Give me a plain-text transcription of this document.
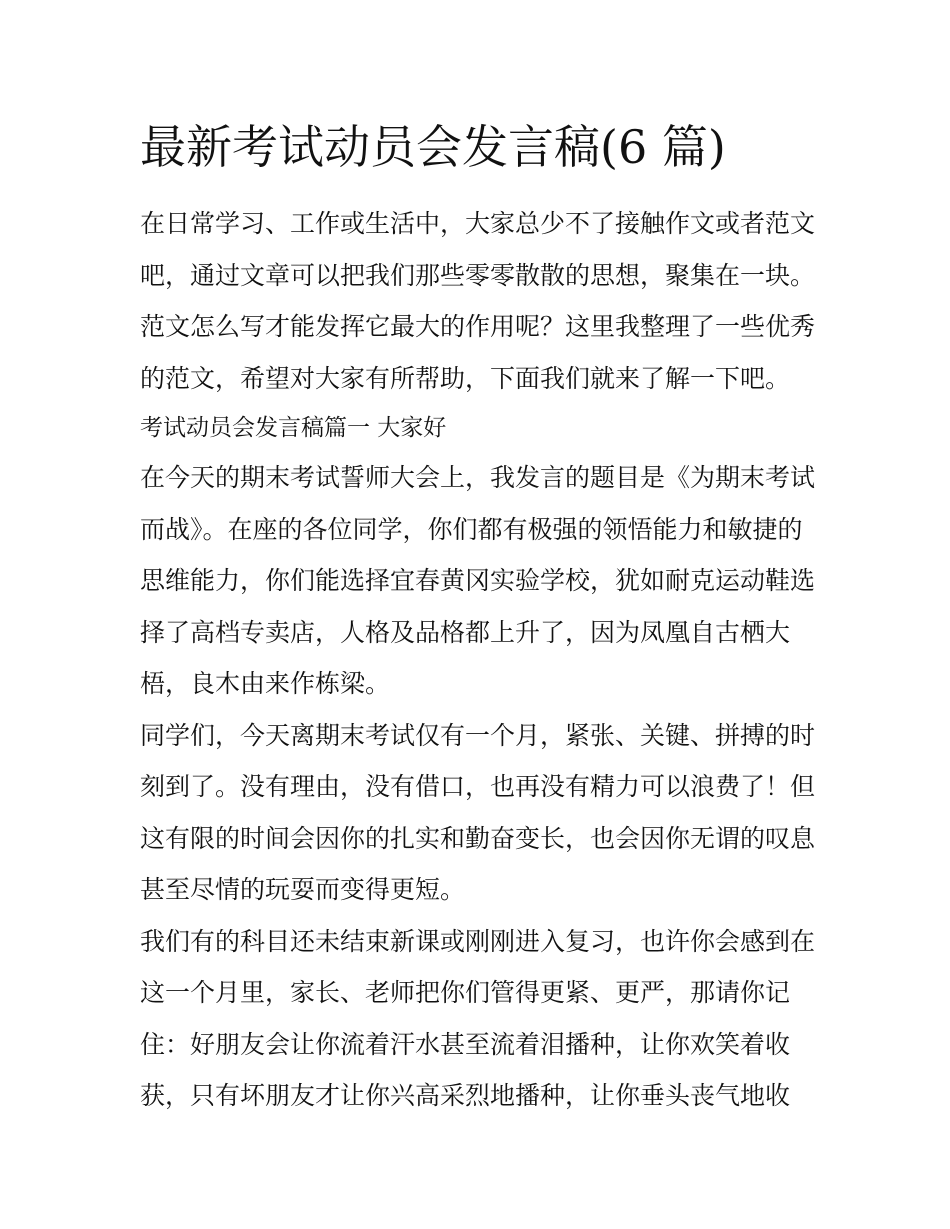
最新考试动员会发言稿(6 篇)
在日常学习、工作或生活中，大家总少不了接触作文或者范文
吧，通过文章可以把我们那些零零散散的思想，聚集在一块。
范文怎么写才能发挥它最大的作用呢？这里我整理了一些优秀
的范文，希望对大家有所帮助，下面我们就来了解一下吧。
考试动员会发言稿篇一 大家好
在今天的期末考试誓师大会上，我发言的题目是《为期末考试
而战》。在座的各位同学，你们都有极强的领悟能力和敏捷的
思维能力，你们能选择宜春黄冈实验学校，犹如耐克运动鞋选
择了高档专卖店，人格及品格都上升了，因为凤凰自古栖大
梧，良木由来作栋梁。
同学们，今天离期末考试仅有一个月，紧张、关键、拼搏的时
刻到了。没有理由，没有借口，也再没有精力可以浪费了！但
这有限的时间会因你的扎实和勤奋变长，也会因你无谓的叹息
甚至尽情的玩耍而变得更短。
我们有的科目还未结束新课或刚刚进入复习，也许你会感到在
这一个月里，家长、老师把你们管得更紧、更严，那请你记
住：好朋友会让你流着汗水甚至流着泪播种，让你欢笑着收
获，只有坏朋友才让你兴高采烈地播种，让你垂头丧气地收
